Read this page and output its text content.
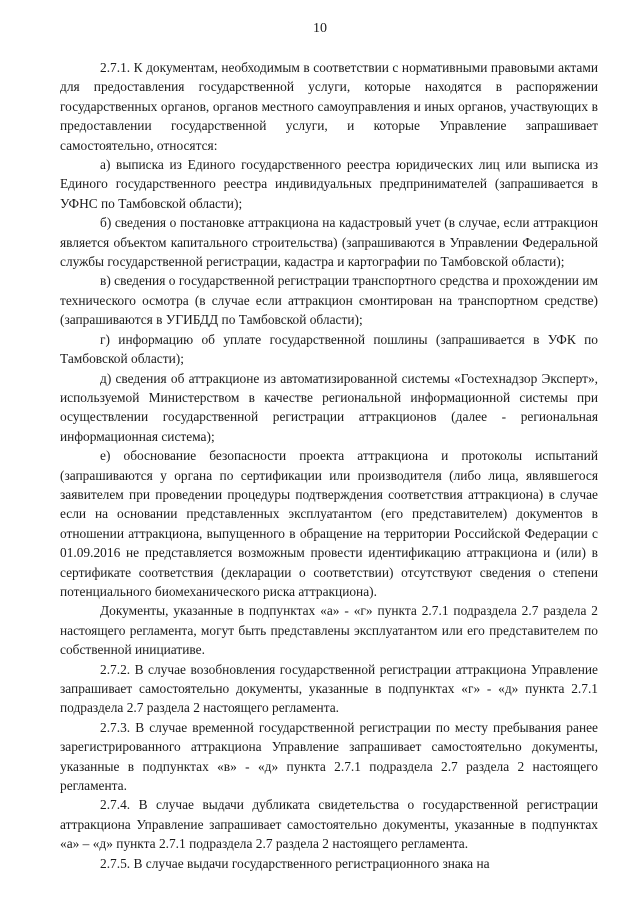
10

2.7.1. К документам, необходимым в соответствии с нормативными правовыми актами для предоставления государственной услуги, которые находятся в распоряжении государственных органов, органов местного самоуправления и иных органов, участвующих в предоставлении государственной услуги, и которые Управление запрашивает самостоятельно, относятся:

а) выписка из Единого государственного реестра юридических лиц или выписка из Единого государственного реестра индивидуальных предпринимателей (запрашивается в УФНС по Тамбовской области);

б) сведения о постановке аттракциона на кадастровый учет (в случае, если аттракцион является объектом капитального строительства) (запрашиваются в Управлении Федеральной службы государственной регистрации, кадастра и картографии по Тамбовской области);

в) сведения о государственной регистрации транспортного средства и прохождении им технического осмотра (в случае если аттракцион смонтирован на транспортном средстве) (запрашиваются в УГИБДД по Тамбовской области);

г) информацию об уплате государственной пошлины (запрашивается в УФК по Тамбовской области);

д) сведения об аттракционе из автоматизированной системы «Гостехнадзор Эксперт», используемой Министерством в качестве региональной информационной системы при осуществлении государственной регистрации аттракционов (далее - региональная информационная система);

е) обоснование безопасности проекта аттракциона и протоколы испытаний (запрашиваются у органа по сертификации или производителя (либо лица, являвшегося заявителем при проведении процедуры подтверждения соответствия аттракциона) в случае если на основании представленных эксплуатантом (его представителем) документов в отношении аттракциона, выпущенного в обращение на территории Российской Федерации с 01.09.2016 не представляется возможным провести идентификацию аттракциона и (или) в сертификате соответствия (декларации о соответствии) отсутствуют сведения о степени потенциального биомеханического риска аттракциона).

Документы, указанные в подпунктах «а» - «г» пункта 2.7.1 подраздела 2.7 раздела 2 настоящего регламента, могут быть представлены эксплуатантом или его представителем по собственной инициативе.

2.7.2. В случае возобновления государственной регистрации аттракциона Управление запрашивает самостоятельно документы, указанные в подпунктах «г» - «д» пункта 2.7.1 подраздела 2.7 раздела 2 настоящего регламента.

2.7.3. В случае временной государственной регистрации по месту пребывания ранее зарегистрированного аттракциона Управление запрашивает самостоятельно документы, указанные в подпунктах «в» - «д» пункта 2.7.1 подраздела 2.7 раздела 2 настоящего регламента.

2.7.4. В случае выдачи дубликата свидетельства о государственной регистрации аттракциона Управление запрашивает самостоятельно документы, указанные в подпунктах «а» – «д» пункта 2.7.1 подраздела 2.7 раздела 2 настоящего регламента.

2.7.5. В случае выдачи государственного регистрационного знака на
